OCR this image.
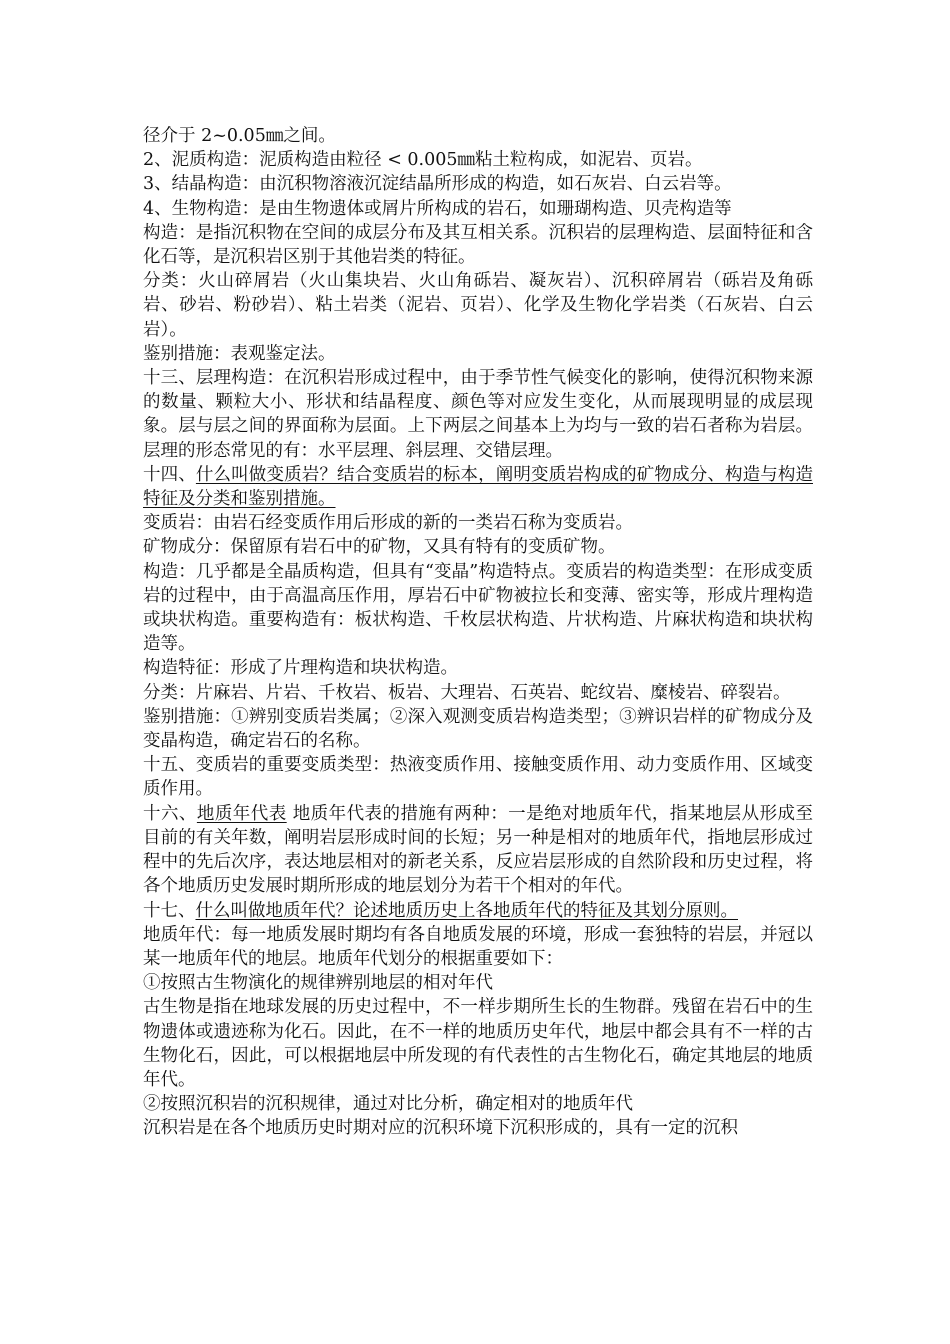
径介于 2~0.05㎜之间。

2、泥质构造：泥质构造由粒径 < 0.005㎜粘土粒构成，如泥岩、页岩。

3、结晶构造：由沉积物溶液沉淀结晶所形成的构造，如石灰岩、白云岩等。

4、生物构造：是由生物遗体或屑片所构成的岩石，如珊瑚构造、贝壳构造等

构造：是指沉积物在空间的成层分布及其互相关系。沉积岩的层理构造、层面特征和含化石等，是沉积岩区别于其他岩类的特征。

分类：火山碎屑岩（火山集块岩、火山角砾岩、凝灰岩）、沉积碎屑岩（砾岩及角砾岩、砂岩、粉砂岩）、粘土岩类（泥岩、页岩）、化学及生物化学岩类（石灰岩、白云岩）。

鉴别措施：表观鉴定法。

十三、层理构造：在沉积岩形成过程中，由于季节性气候变化的影响，使得沉积物来源的数量、颗粒大小、形状和结晶程度、颜色等对应发生变化，从而展现明显的成层现象。层与层之间的界面称为层面。上下两层之间基本上为均与一致的岩石者称为岩层。层理的形态常见的有：水平层理、斜层理、交错层理。

十四、什么叫做变质岩？结合变质岩的标本，阐明变质岩构成的矿物成分、构造与构造特征及分类和鉴别措施。

变质岩：由岩石经变质作用后形成的新的一类岩石称为变质岩。

矿物成分：保留原有岩石中的矿物，又具有特有的变质矿物。

构造：几乎都是全晶质构造，但具有“变晶”构造特点。变质岩的构造类型：在形成变质岩的过程中，由于高温高压作用，厚岩石中矿物被拉长和变薄、密实等，形成片理构造或块状构造。重要构造有：板状构造、千枚层状构造、片状构造、片麻状构造和块状构造等。

构造特征：形成了片理构造和块状构造。

分类：片麻岩、片岩、千枚岩、板岩、大理岩、石英岩、蛇纹岩、糜棱岩、碎裂岩。

鉴别措施：①辨别变质岩类属；②深入观测变质岩构造类型；③辨识岩样的矿物成分及变晶构造，确定岩石的名称。

十五、变质岩的重要变质类型：热液变质作用、接触变质作用、动力变质作用、区域变质作用。

十六、地质年代表 地质年代表的措施有两种：一是绝对地质年代，指某地层从形成至目前的有关年数，阐明岩层形成时间的长短；另一种是相对的地质年代，指地层形成过程中的先后次序，表达地层相对的新老关系，反应岩层形成的自然阶段和历史过程，将各个地质历史发展时期所形成的地层划分为若干个相对的年代。

十七、什么叫做地质年代？论述地质历史上各地质年代的特征及其划分原则。

地质年代：每一地质发展时期均有各自地质发展的环境，形成一套独特的岩层，并冠以某一地质年代的地层。地质年代划分的根据重要如下：

①按照古生物演化的规律辨别地层的相对年代

古生物是指在地球发展的历史过程中，不一样步期所生长的生物群。残留在岩石中的生物遗体或遗迹称为化石。因此，在不一样的地质历史年代，地层中都会具有不一样的古生物化石，因此，可以根据地层中所发现的有代表性的古生物化石，确定其地层的地质年代。

②按照沉积岩的沉积规律，通过对比分析，确定相对的地质年代

沉积岩是在各个地质历史时期对应的沉积环境下沉积形成的，具有一定的沉积
